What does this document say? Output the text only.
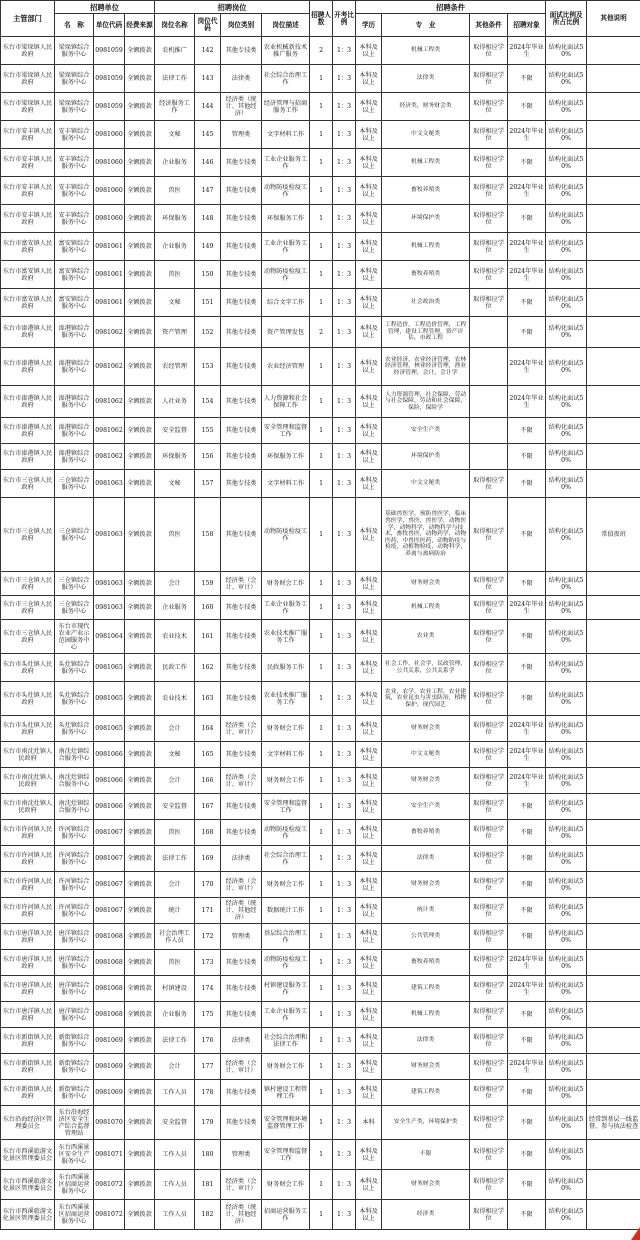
主管部门	招聘单位			招聘岗位				招聘人数	开考比例	招聘条件				面试比例及所占比例	其他说明
	名　称	单位代码	经费来源	岗位名称	岗位代码	岗位类别	岗位描述			学历	专　业	其他条件	招聘对象		
东台市梁垛镇人民政府	梁垛镇综合服务中心	0981059	全额拨款	农机推广	142	其他专技类	农业机械新技术推广服务	2	1：3	本科及以上	机械工程类	取得相应学位	2024年毕业生	结构化面试50%	
东台市梁垛镇人民政府	梁垛镇综合服务中心	0981059	全额拨款	法律工作	143	法律类	社会综合治理工作	1	1：3	本科及以上	法律类	取得相应学位	不限	结构化面试50%	
东台市梁垛镇人民政府	梁垛镇综合服务中心	0981059	全额拨款	经济服务工作	144	经济类（统计、其他经济）	经济管理与招商服务工作	1	1：3	本科及以上	经济类，财务财会类	取得相应学位	不限	结构化面试50%	
东台市安丰镇人民政府	安丰镇综合服务中心	0981060	全额拨款	文秘	145	管理类	文字材料工作	1	1：3	本科及以上	中文文秘类	取得相应学位	2024年毕业生	结构化面试50%	
东台市安丰镇人民政府	安丰镇综合服务中心	0981060	全额拨款	企业服务	146	其他专技类	工业企业服务工作	1	1：3	本科及以上	机械工程类	取得相应学位	不限	结构化面试50%	
东台市安丰镇人民政府	安丰镇综合服务中心	0981060	全额拨款	兽医	147	其他专技类	动物防疫检疫工作	1	1：3	本科及以上	畜牧养殖类	取得相应学位	2024年毕业生	结构化面试50%	
东台市安丰镇人民政府	安丰镇综合服务中心	0981060	全额拨款	环保服务	148	其他专技类	环保服务工作	1	1：3	本科及以上	环境保护类	取得相应学位	不限	结构化面试50%	
东台市富安镇人民政府	富安镇综合服务中心	0981061	全额拨款	企业服务	149	其他专技类	工业企业服务工作	1	1：3	本科及以上	机械工程类	取得相应学位	2024年毕业生	结构化面试50%	
东台市富安镇人民政府	富安镇综合服务中心	0981061	全额拨款	兽医	150	其他专技类	动物防疫检疫工作	1	1：3	本科及以上	畜牧养殖类	取得相应学位	2024年毕业生	结构化面试50%	
东台市富安镇人民政府	富安镇综合服务中心	0981061	全额拨款	文秘	151	其他专技类	综合文字工作	1	1：3	本科及以上	社会政治类	取得相应学位	不限	结构化面试50%	
东台市溱港镇人民政府	溱港镇综合服务中心	0981062	全额拨款	资产管理	152	其他专技类	资产管理发包	2	1：3	本科及以上	工程造价，工程造价管理，工程管理，建设工程管理，资产评估，市政工程		不限	结构化面试50%	
东台市溱港镇人民政府	溱港镇综合服务中心	0981062	全额拨款	农经管理	153	其他专技类	农业经济管理	1	1：3	本科及以上	农业经济，农业经济管理，农林经济管理，林业经济管理，渔业经济管理，会计，会计学		2024年毕业生	结构化面试50%	
东台市溱港镇人民政府	溱港镇综合服务中心	0981062	全额拨款	人社业务	154	其他专技类	人力资源和社会保障工作	1	1：3	本科及以上	人力资源管理，社会保障，劳动与社会保障，劳动和社会保障，保险，保险学		2024年毕业生	结构化面试50%	
东台市溱港镇人民政府	溱港镇综合服务中心	0981062	全额拨款	安全监督	155	其他专技类	安全管理和监督工作	1	1：3	本科及以上	安全生产类		不限	结构化面试50%	
东台市溱港镇人民政府	溱港镇综合服务中心	0981062	全额拨款	环保服务	156	其他专技类	环保服务工作	1	1：3	本科及以上	环境保护类		不限	结构化面试50%	
东台市三仓镇人民政府	三仓镇综合服务中心	0981063	全额拨款	文秘	157	其他专技类	文字材料工作	1	1：3	本科及以上	中文文秘类	取得相应学位	不限	结构化面试50%	
东台市三仓镇人民政府	三仓镇综合服务中心	0981063	全额拨款	兽医	158	其他专技类	动物防疫检疫工作	1	1：3	本科及以上	基础兽医学，预防兽医学，临床兽医学，兽医，兽医学，动物医学，动物科学，动物科学与技术，畜牧兽医，动物药学，动物医药，中兽医医药，动物防疫与检疫，动植物检疫，动物科学，养禽与禽病防治	取得相应学位	不限	结构化面试50%	常值夜班
东台市三仓镇人民政府	三仓镇综合服务中心	0981063	全额拨款	会计	159	经济类（会计、审计）	财务财会工作	1	1：3	本科及以上	财务财会类	取得相应学位	不限	结构化面试50%	
东台市三仓镇人民政府	三仓镇综合服务中心	0981063	全额拨款	企业服务	160	其他专技类	工业企业服务工作	1	1：3	本科及以上	机械工程类	取得相应学位	2024年毕业生	结构化面试50%	
东台市三仓镇人民政府	东台市现代农业产业示范园服务中心	0981064	全额拨款	农业技术	161	其他专技类	农业技术推广服务工作	1	1：3	本科及以上	农业类	取得相应学位	不限	结构化面试50%	
东台市头灶镇人民政府	头灶镇综合服务中心	0981065	全额拨款	民政工作	162	其他专技类	民政服务工作	1	1：3	本科及以上	社会工作，社会学，民政管理，公共关系，公共关系学	取得相应学位	不限	结构化面试50%	
东台市头灶镇人民政府	头灶镇综合服务中心	0981065	全额拨款	农业技术	163	其他专技类	农业技术推广服务工作	1	1：3	本科及以上	农业，农学，农业工程，农业建筑，农业昆虫与害虫防治，植物保护，现代园艺	取得相应学位	不限	结构化面试50%	
东台市头灶镇人民政府	头灶镇综合服务中心	0981065	全额拨款	会计	164	经济类（会计、审计）	财务财会工作	1	1：3	本科及以上	财务财会类	取得相应学位	2024年毕业生	结构化面试50%	
东台市南沈灶镇人民政府	南沈灶镇综合服务中心	0981066	全额拨款	文秘	165	其他专技类	文字材料工作	1	1：3	本科及以上	中文文秘类	取得相应学位	2024年毕业生	结构化面试50%	
东台市南沈灶镇人民政府	南沈灶镇综合服务中心	0981066	全额拨款	会计	166	经济类（会计、审计）	财务财会工作	1	1：3	本科及以上	财务财会类	取得相应学位	2024年毕业生	结构化面试50%	
东台市南沈灶镇人民政府	南沈灶镇综合服务中心	0981066	全额拨款	安全监督	167	其他专技类	安全管理和监督工作	1	1：3	本科及以上	安全生产类	取得相应学位	不限	结构化面试50%	
东台市许河镇人民政府	许河镇综合服务中心	0981067	全额拨款	兽医	168	其他专技类	动物防疫检疫工作	1	1：3	本科及以上	畜牧养殖类	取得相应学位	不限	结构化面试50%	
东台市许河镇人民政府	许河镇综合服务中心	0981067	全额拨款	法律工作	169	法律类	社会综合治理工作	1	1：3	本科及以上	法律类	取得相应学位	不限	结构化面试50%	
东台市许河镇人民政府	许河镇综合服务中心	0981067	全额拨款	会计	170	经济类（会计、审计）	财务财会工作	1	1：3	本科及以上	财务财会类	取得相应学位	不限	结构化面试50%	
东台市许河镇人民政府	许河镇综合服务中心	0981067	全额拨款	统计	171	经济类（统计、其他经济）	数据统计工作	1	1：3	本科及以上	统计类	取得相应学位	不限	结构化面试50%	
东台市唐洋镇人民政府	唐洋镇综合服务中心	0981068	全额拨款	社会治理工作人员	172	管理类	基层综合治理工作	1	1：3	本科及以上	公共管理类	取得相应学位	不限	结构化面试50%	
东台市唐洋镇人民政府	唐洋镇综合服务中心	0981068	全额拨款	兽医	173	其他专技类	动物防疫检疫工作	1	1：3	本科及以上	畜牧养殖类	取得相应学位	2024年毕业生	结构化面试50%	
东台市唐洋镇人民政府	唐洋镇综合服务中心	0981068	全额拨款	村镇建设	174	其他专技类	村镇建设服务工作	1	1：3	本科及以上	建筑工程类	取得相应学位	2024年毕业生	结构化面试50%	
东台市唐洋镇人民政府	唐洋镇综合服务中心	0981068	全额拨款	企业服务	175	其他专技类	工业企业服务工作	1	1：3	本科及以上	机械工程类	取得相应学位	不限	结构化面试50%	
东台市新街镇人民政府	新街镇综合服务中心	0981069	全额拨款	法律工作	176	法律类	社会综合治理和法律工作	1	1：3	本科及以上	法律类	取得相应学位	不限	结构化面试50%	
东台市新街镇人民政府	新街镇综合服务中心	0981069	全额拨款	会计	177	经济类（会计、审计）	财务财会工作	1	1：3	本科及以上	财务财会类	取得相应学位	2024年毕业生	结构化面试50%	
东台市新街镇人民政府	新街镇综合服务中心	0981069	全额拨款	工作人员	178	其他专技类	镇村建设工程管理工作	1	1：3	本科及以上	建筑工程类	取得相应学位	不限	结构化面试50%	
东台沿海经济区管理委员会	东台沿海经济区安全生产综合监督管理站	0981070	全额拨款	安全监督	179	其他专技类	安全管理和环境监督管理工作	1	1：3	本科	安全生产类，环境保护类	取得相应学位	不限	结构化面试50%	经常到基层一线监督、参与执法检查
东台市西溪旅游文化景区管理委员会	东台西溪景区安全生产服务中心	0981071	全额拨款	工作人员	180	管理类	安全管理和监督工作	1	1：3	本科及以上	不限	取得相应学位	不限	结构化面试50%	
东台市西溪旅游文化景区管理委员会	东台西溪景区招商运营服务中心	0981072	全额拨款	工作人员	181	经济类（会计、审计）	财务财会工作	1	1：3	本科及以上	财务财会类	取得相应学位	不限	结构化面试50%	
东台市西溪旅游文化景区管理委员会	东台西溪景区招商运营服务中心	0981072	全额拨款	工作人员	182	经济类（统计、其他经济）	招商运营服务工作	1	1：3	本科及以上	经济类	取得相应学位	不限	结构化面试50%	
